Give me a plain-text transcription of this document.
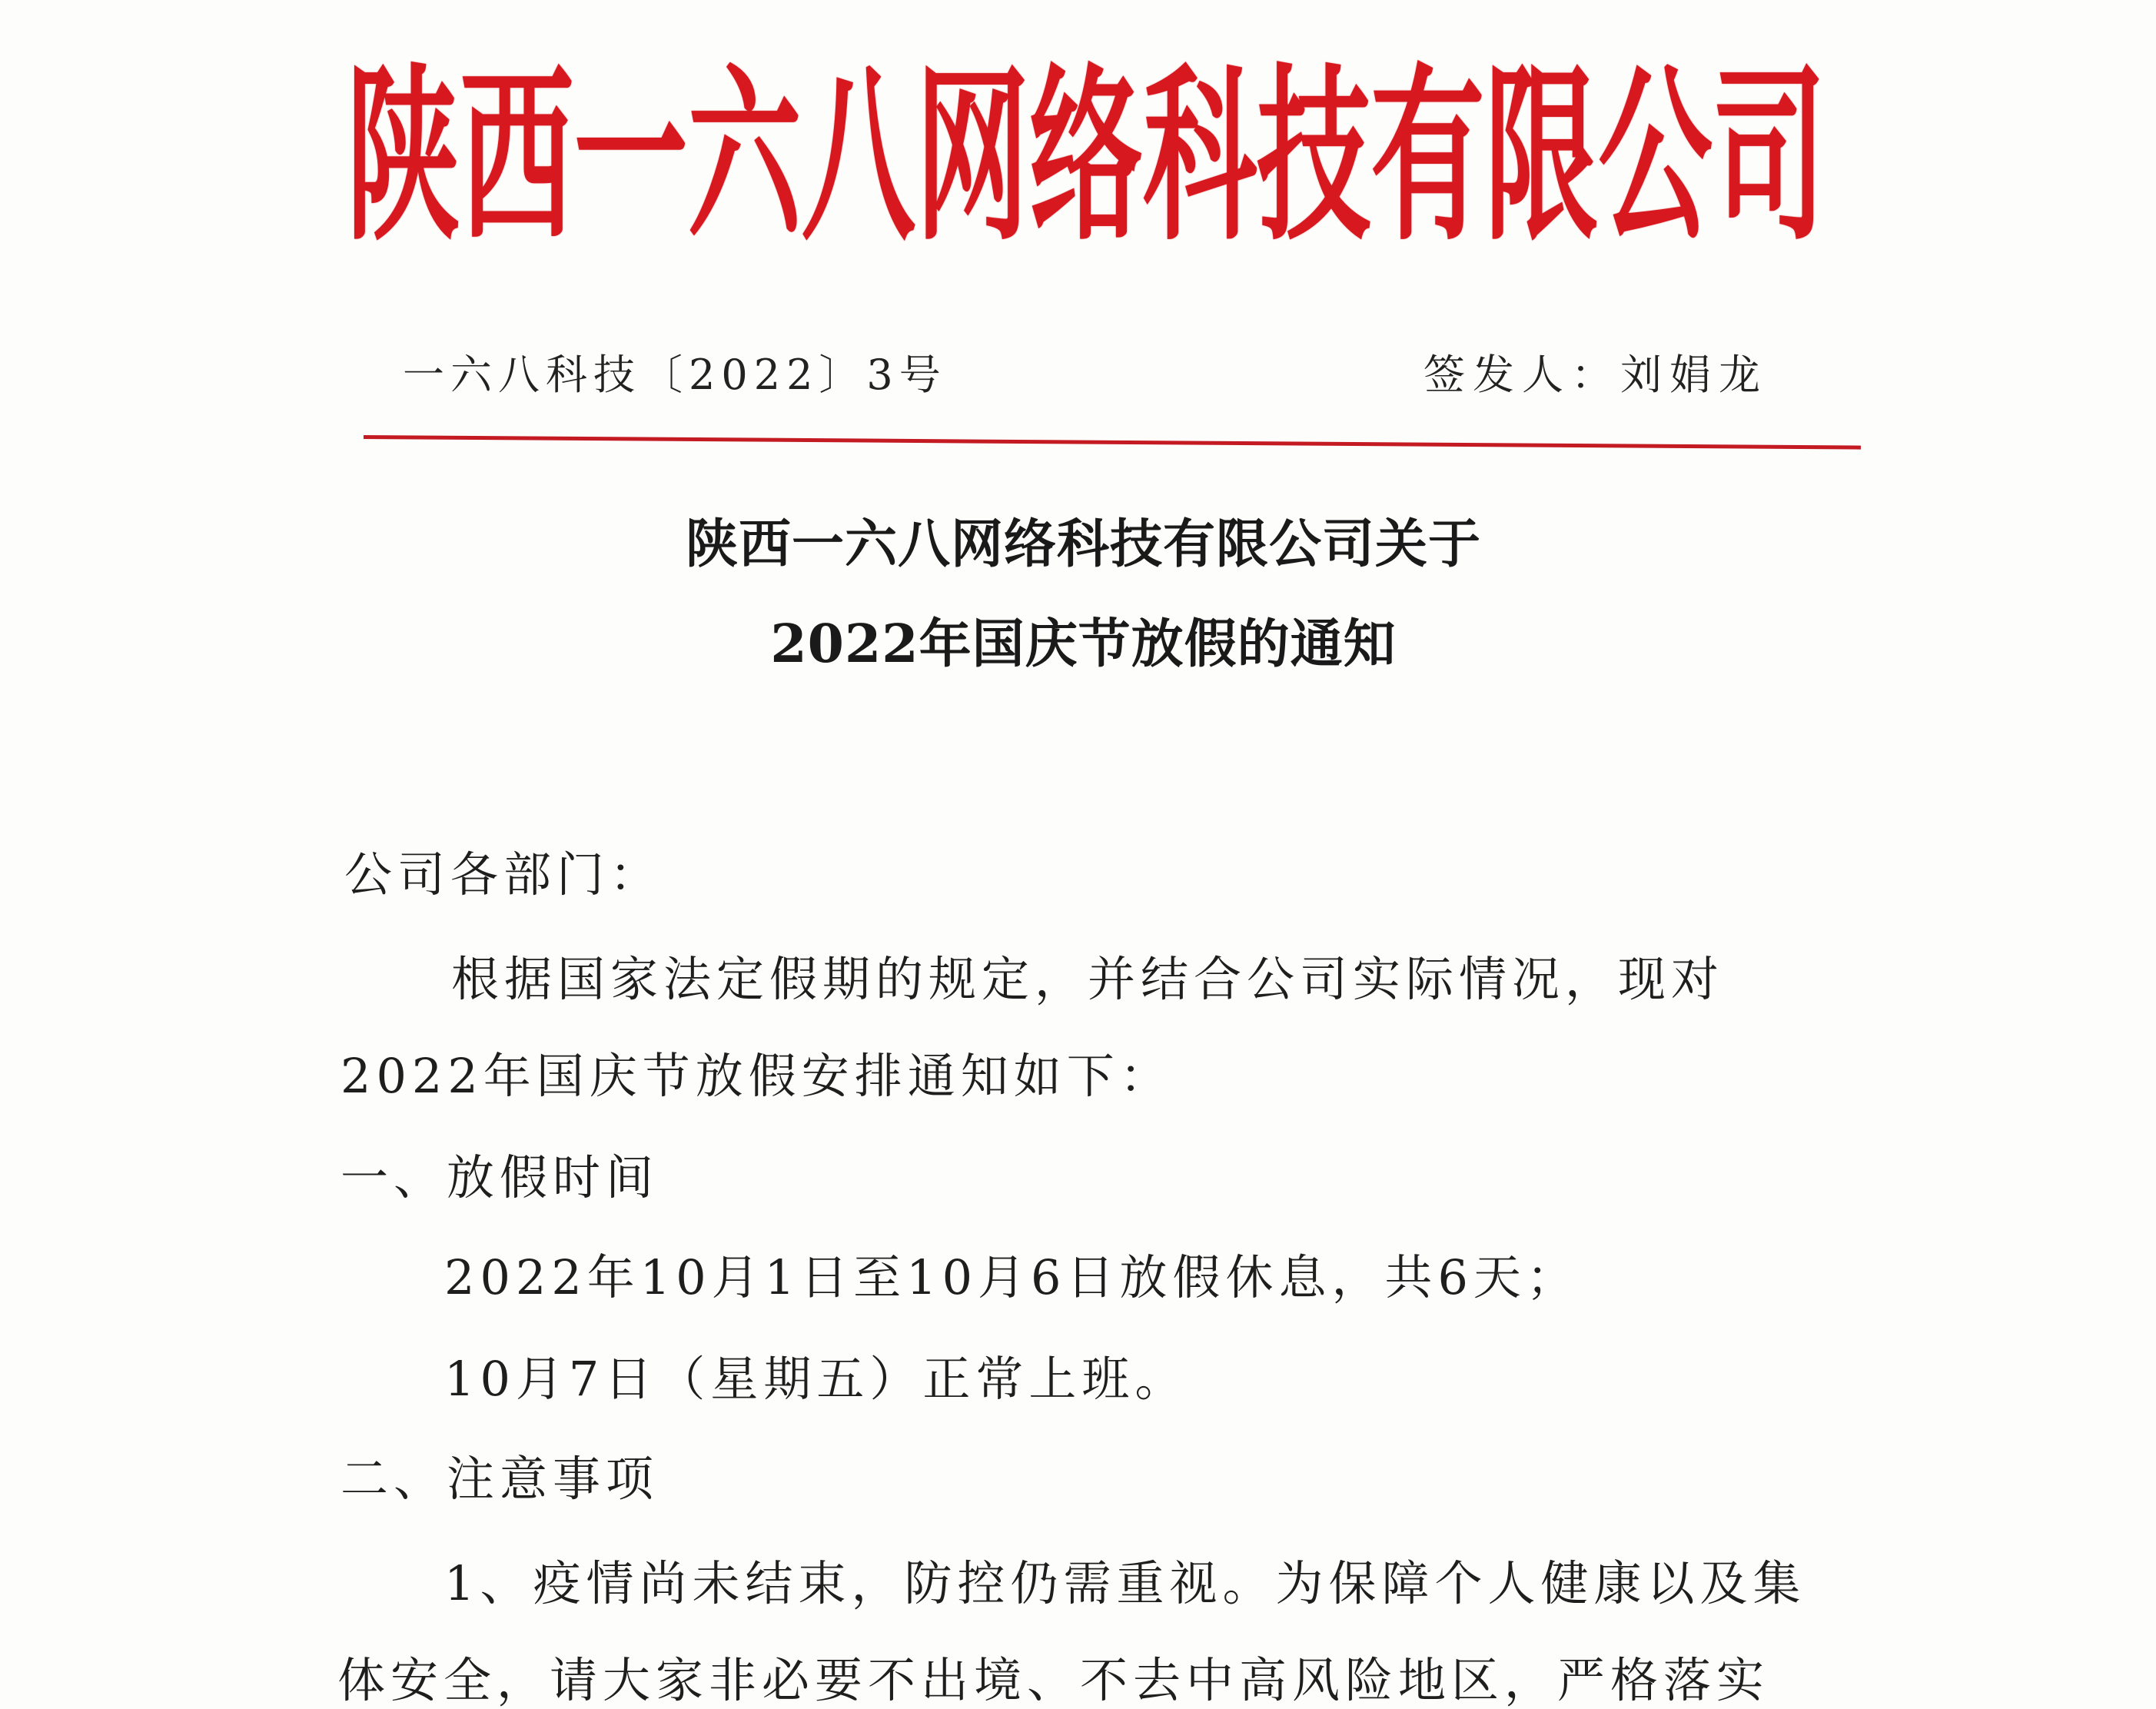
陕西一六八网络科技有限公司
一六八科技〔2022〕3号	签发人：刘娟龙
陕西一六八网络科技有限公司关于
2022年国庆节放假的通知
公司各部门：
根据国家法定假期的规定，并结合公司实际情况，现对
2022年国庆节放假安排通知如下：
一、放假时间
2022年10月1日至10月6日放假休息，共6天；
10月7日（星期五）正常上班。
二、注意事项
1、疫情尚未结束，防控仍需重视。为保障个人健康以及集
体安全，请大家非必要不出境、不去中高风险地区，严格落实
